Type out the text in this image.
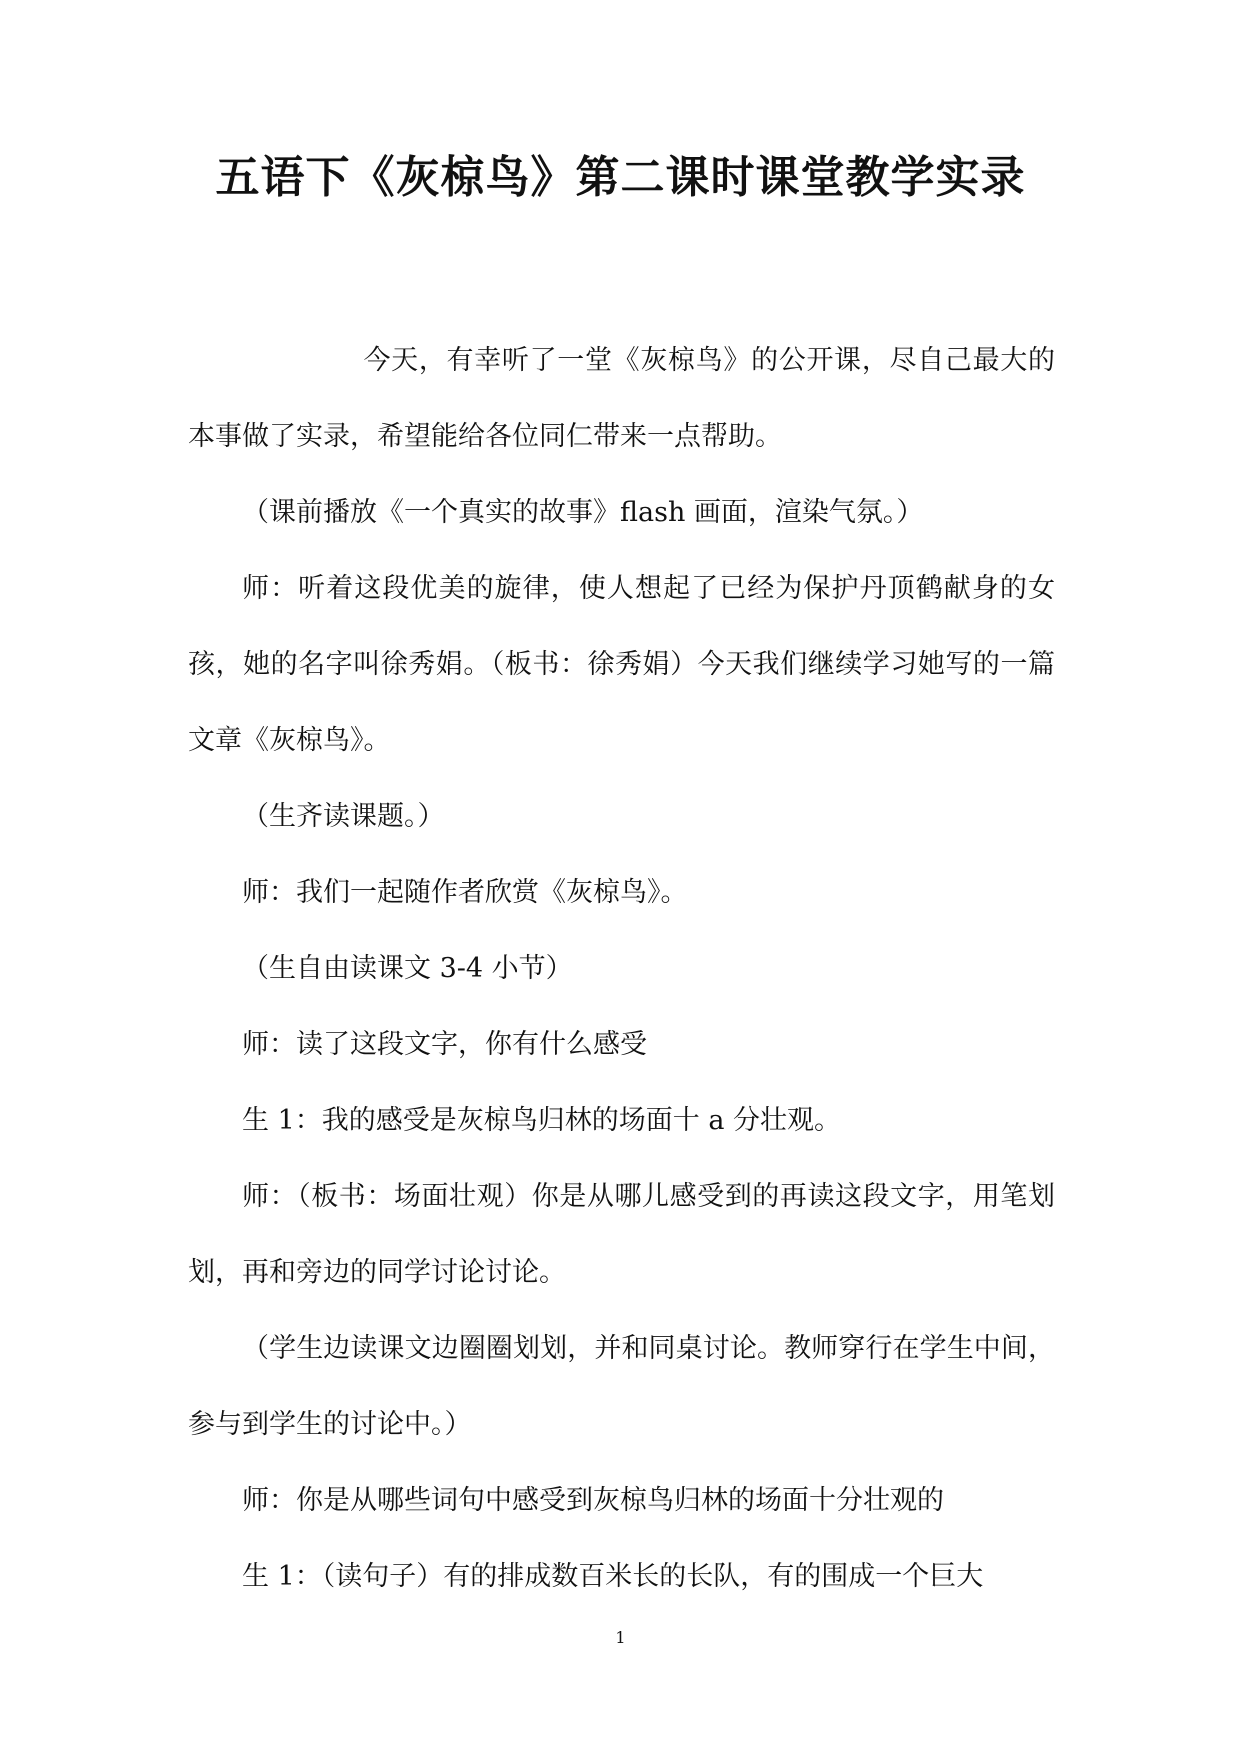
五语下《灰椋鸟》第二课时课堂教学实录

今天，有幸听了一堂《灰椋鸟》的公开课，尽自己最大的本事做了实录，希望能给各位同仁带来一点帮助。

（课前播放《一个真实的故事》flash 画面，渲染气氛。）

师：听着这段优美的旋律，使人想起了已经为保护丹顶鹤献身的女孩，她的名字叫徐秀娟。（板书：徐秀娟）今天我们继续学习她写的一篇文章《灰椋鸟》。

（生齐读课题。）

师：我们一起随作者欣赏《灰椋鸟》。

（生自由读课文 3-4 小节）

师：读了这段文字，你有什么感受

生 1：我的感受是灰椋鸟归林的场面十 a 分壮观。

师：（板书：场面壮观）你是从哪儿感受到的再读这段文字，用笔划划，再和旁边的同学讨论讨论。

（学生边读课文边圈圈划划，并和同桌讨论。教师穿行在学生中间，参与到学生的讨论中。）

师：你是从哪些词句中感受到灰椋鸟归林的场面十分壮观的

生 1：（读句子）有的排成数百米长的长队，有的围成一个巨大

1
